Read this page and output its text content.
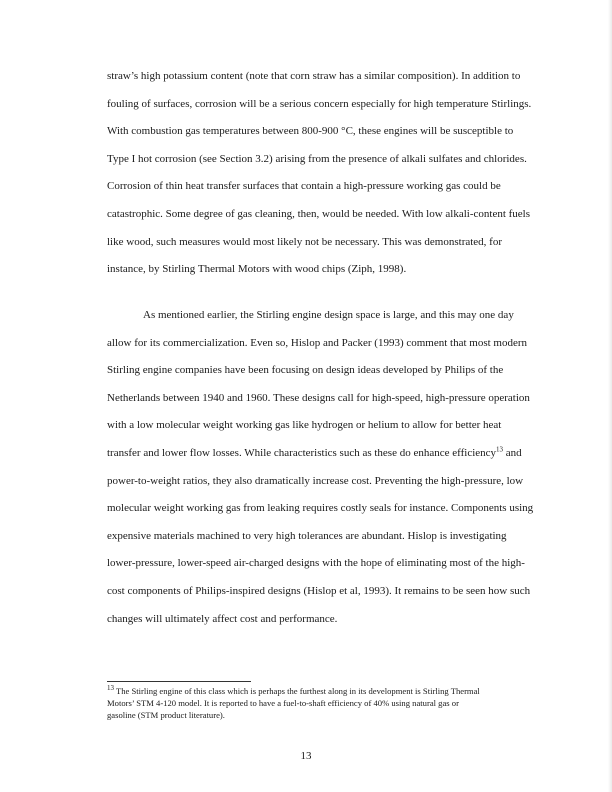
straw’s high potassium content (note that corn straw has a similar composition). In addition to
fouling of surfaces, corrosion will be a serious concern especially for high temperature Stirlings.
With combustion gas temperatures between 800-900 °C, these engines will be susceptible to
Type I hot corrosion (see Section 3.2) arising from the presence of alkali sulfates and chlorides.
Corrosion of thin heat transfer surfaces that contain a high-pressure working gas could be
catastrophic. Some degree of gas cleaning, then, would be needed. With low alkali-content fuels
like wood, such measures would most likely not be necessary. This was demonstrated, for
instance, by Stirling Thermal Motors with wood chips (Ziph, 1998).
As mentioned earlier, the Stirling engine design space is large, and this may one day
allow for its commercialization. Even so, Hislop and Packer (1993) comment that most modern
Stirling engine companies have been focusing on design ideas developed by Philips of the
Netherlands between 1940 and 1960. These designs call for high-speed, high-pressure operation
with a low molecular weight working gas like hydrogen or helium to allow for better heat
transfer and lower flow losses. While characteristics such as these do enhance efficiency$^{13}$ and
power-to-weight ratios, they also dramatically increase cost. Preventing the high-pressure, low
molecular weight working gas from leaking requires costly seals for instance. Components using
expensive materials machined to very high tolerances are abundant. Hislop is investigating
lower-pressure, lower-speed air-charged designs with the hope of eliminating most of the high-
cost components of Philips-inspired designs (Hislop et al, 1993). It remains to be seen how such
changes will ultimately affect cost and performance.
$^{13}$ The Stirling engine of this class which is perhaps the furthest along in its development is Stirling Thermal
Motors’ STM 4-120 model. It is reported to have a fuel-to-shaft efficiency of 40% using natural gas or
gasoline (STM product literature).
13
